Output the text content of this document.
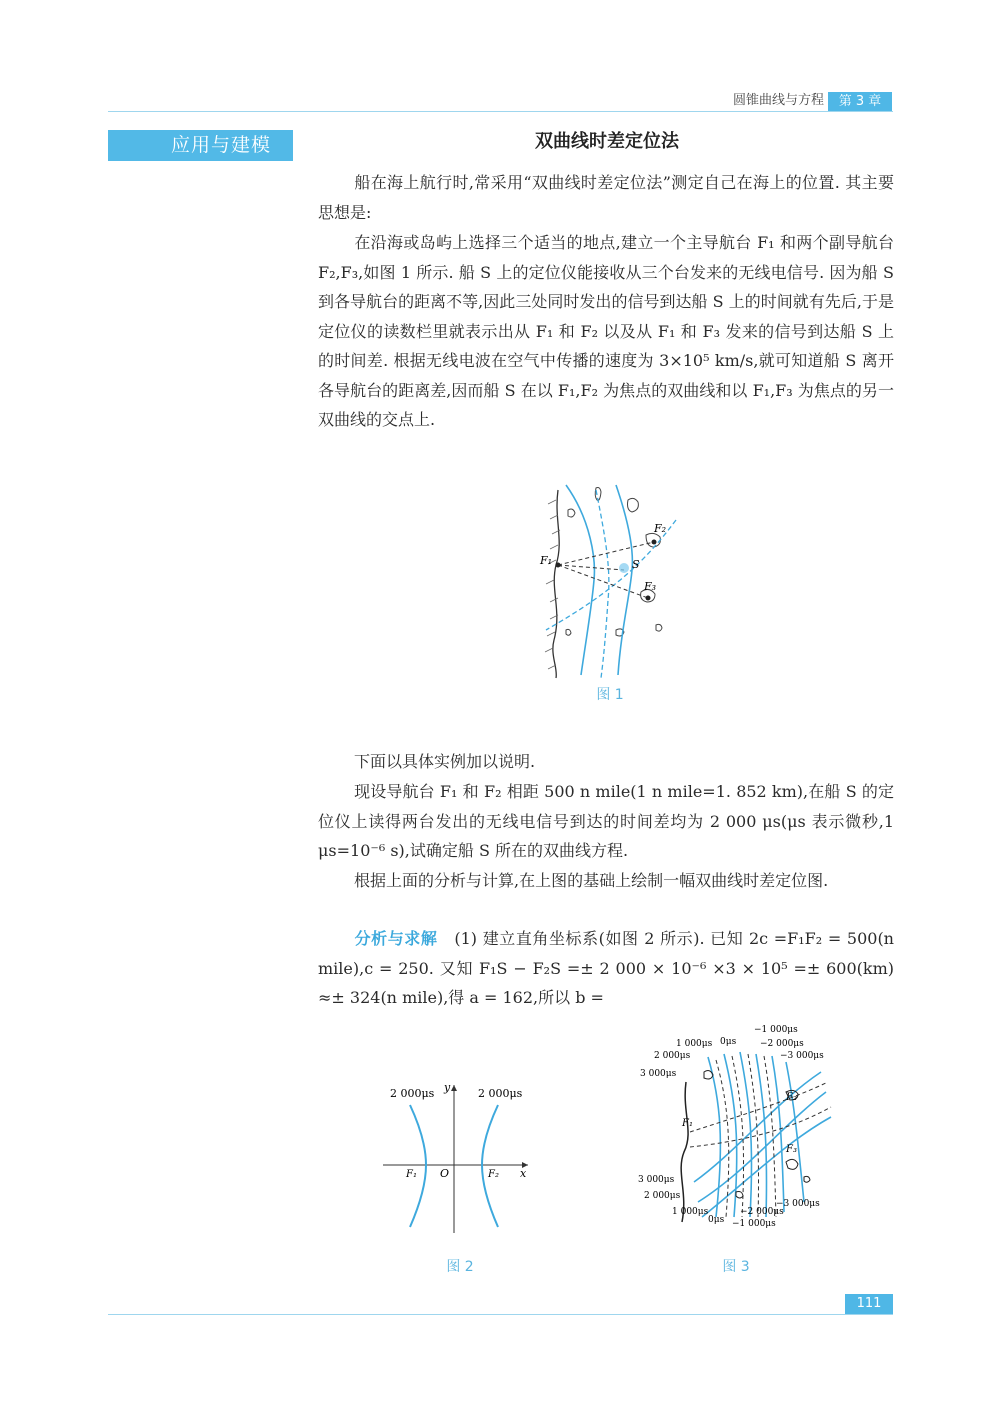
圆锥曲线与方程	第 3 章
应用与建模	双曲线时差定位法

船在海上航行时,常采用“双曲线时差定位法”测定自己在海上的位置. 其主要思想是:

在沿海或岛屿上选择三个适当的地点,建立一个主导航台 F₁ 和两个副导航台 F₂,F₃,如图 1 所示. 船 S 上的定位仪能接收从三个台发来的无线电信号. 因为船 S 到各导航台的距离不等,因此三处同时发出的信号到达船 S 上的时间就有先后,于是定位仪的读数栏里就表示出从 F₁ 和 F₂ 以及从 F₁ 和 F₃ 发来的信号到达船 S 上的时间差. 根据无线电波在空气中传播的速度为 3×10⁵ km/s,就可知道船 S 离开各导航台的距离差,因而船 S 在以 F₁,F₂ 为焦点的双曲线和以 F₁,F₃ 为焦点的另一双曲线的交点上.

F₁
F₂
F₃
S
图 1

下面以具体实例加以说明.

现设导航台 F₁ 和 F₂ 相距 500 n mile(1 n mile=1. 852 km),在船 S 的定位仪上读得两台发出的无线电信号到达的时间差均为 2 000 μs(μs 表示微秒,1 μs=10⁻⁶ s),试确定船 S 所在的双曲线方程.

根据上面的分析与计算,在上图的基础上绘制一幅双曲线时差定位图.

分析与求解 (1) 建立直角坐标系(如图 2 所示). 已知 2c =F₁F₂ = 500(n mile),c = 250. 又知 F₁S − F₂S =± 2 000 × 10⁻⁶ ×3 × 10⁵ =± 600(km) ≈± 324(n mile),得 a = 162,所以 b =

2 000μs	2 000μs
y
x
O
F₁	F₂
图 2
−1 000μs
1 000μs 0μs	−2 000μs
2 000μs	−3 000μs
3 000μs
F₁
F₂
F₃
3 000μs
2 000μs
1 000μs
0μs
−2 000μs
−3 000μs
−1 000μs
图 3
111
